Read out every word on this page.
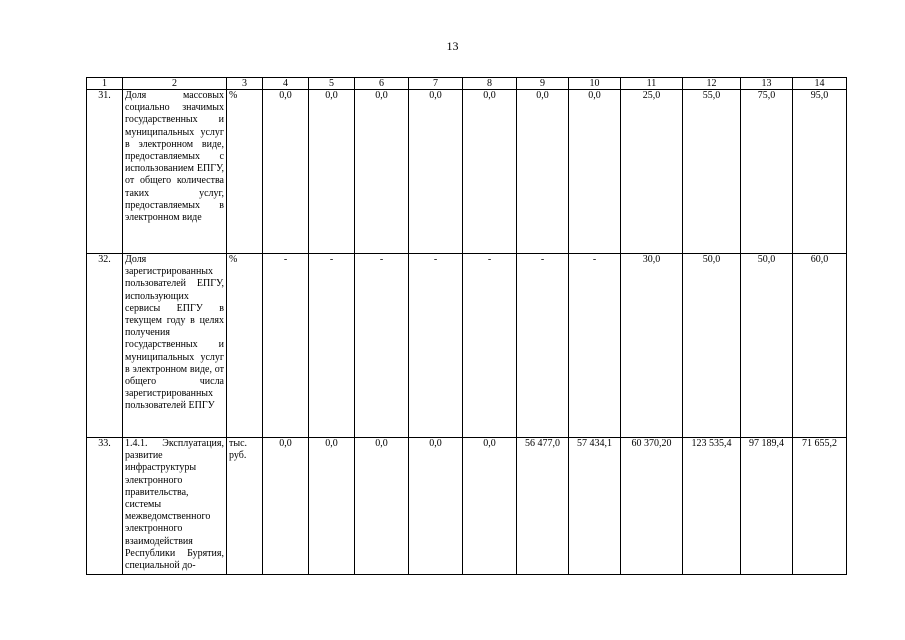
13
1	2	3	4	5	6	7	8	9	10	11	12	13	14
31.	Доля массовых социально значимых государственных и муниципальных услуг в электронном виде, предоставляемых с использованием ЕПГУ, от общего количества таких услуг, предоставляемых в электронном виде	%	0,0	0,0	0,0	0,0	0,0	0,0	0,0	25,0	55,0	75,0	95,0
32.	Доля зарегистрированных пользователей ЕПГУ, использующих сервисы ЕПГУ в текущем году в целях получения государственных и муниципальных услуг в электронном виде, от общего числа зарегистрированных пользователей ЕПГУ	%	-	-	-	-	-	-	-	30,0	50,0	50,0	60,0
33.	1.4.1. Эксплуатация, развитие инфраструктуры электронного правительства, системы межведомственного электронного взаимодействия Республики Бурятия, специальной до-	тыс. руб.	0,0	0,0	0,0	0,0	0,0	56 477,0	57 434,1	60 370,20	123 535,4	97 189,4	71 655,2
